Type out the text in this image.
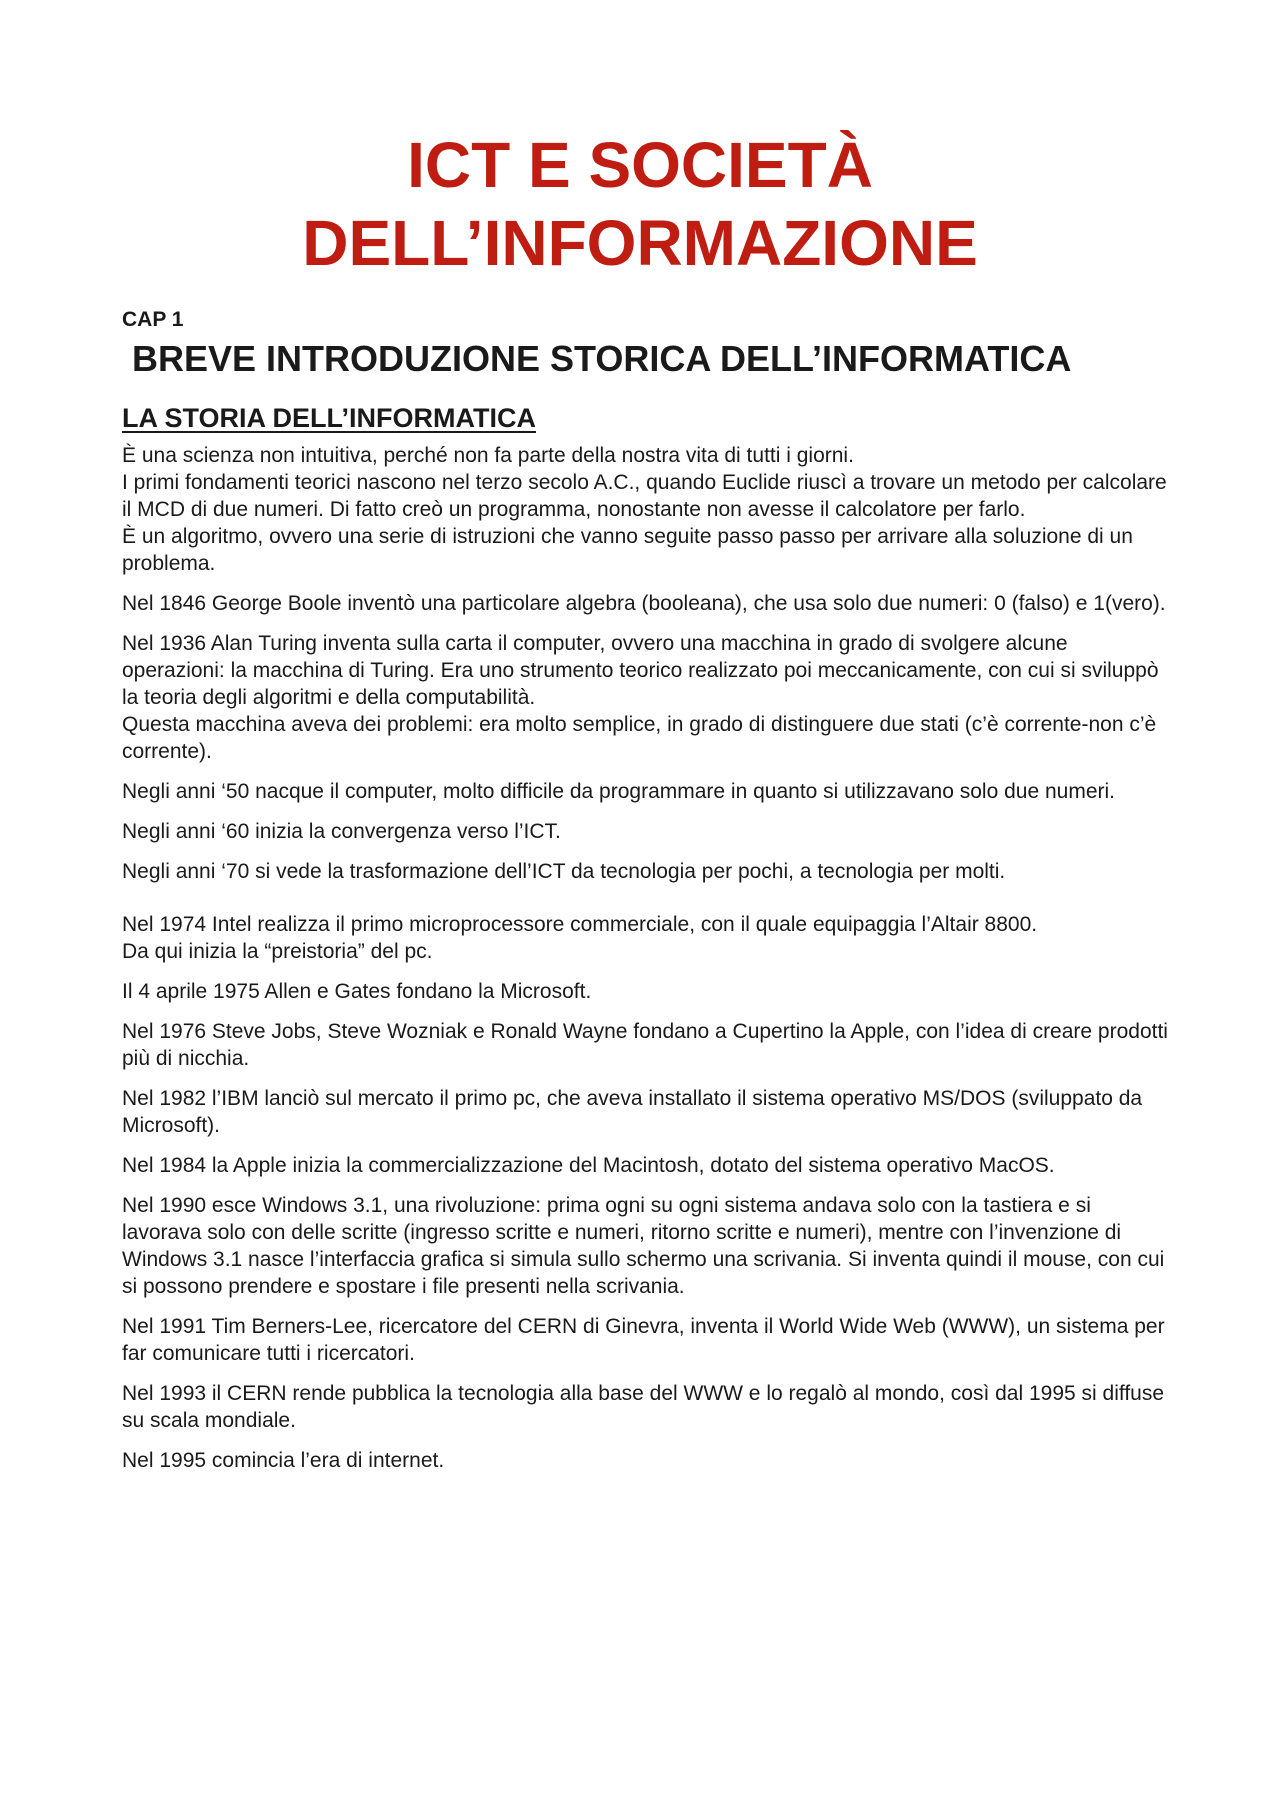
ICT E SOCIETÀ
DELL’INFORMAZIONE

CAP 1

BREVE INTRODUZIONE STORICA DELL’INFORMATICA
LA STORIA DELL’INFORMATICA

È una scienza non intuitiva, perché non fa parte della nostra vita di tutti i giorni.
I primi fondamenti teorici nascono nel terzo secolo A.C., quando Euclide riuscì a trovare un metodo per calcolare il MCD di due numeri. Di fatto creò un programma, nonostante non avesse il calcolatore per farlo.
È un algoritmo, ovvero una serie di istruzioni che vanno seguite passo passo per arrivare alla soluzione di un problema.

Nel 1846 George Boole inventò una particolare algebra (booleana), che usa solo due numeri: 0 (falso) e 1(vero).

Nel 1936 Alan Turing inventa sulla carta il computer, ovvero una macchina in grado di svolgere alcune operazioni: la macchina di Turing. Era uno strumento teorico realizzato poi meccanicamente, con cui si sviluppò la teoria degli algoritmi e della computabilità.
Questa macchina aveva dei problemi: era molto semplice, in grado di distinguere due stati (c’è corrente-non c’è corrente).

Negli anni ‘50 nacque il computer, molto difficile da programmare in quanto si utilizzavano solo due numeri.

Negli anni ‘60 inizia la convergenza verso l’ICT.

Negli anni ‘70 si vede la trasformazione dell’ICT da tecnologia per pochi, a tecnologia per molti.

Nel 1974 Intel realizza il primo microprocessore commerciale, con il quale equipaggia l’Altair 8800.
Da qui inizia la “preistoria” del pc.

Il 4 aprile 1975 Allen e Gates fondano la Microsoft.

Nel 1976 Steve Jobs, Steve Wozniak e Ronald Wayne fondano a Cupertino la Apple, con l’idea di creare prodotti più di nicchia.

Nel 1982 l’IBM lanciò sul mercato il primo pc, che aveva installato il sistema operativo MS/DOS (sviluppato da Microsoft).

Nel 1984 la Apple inizia la commercializzazione del Macintosh, dotato del sistema operativo MacOS.

Nel 1990 esce Windows 3.1, una rivoluzione: prima ogni su ogni sistema andava solo con la tastiera e si lavorava solo con delle scritte (ingresso scritte e numeri, ritorno scritte e numeri), mentre con l’invenzione di Windows 3.1 nasce l’interfaccia grafica si simula sullo schermo una scrivania. Si inventa quindi il mouse, con cui si possono prendere e spostare i file presenti nella scrivania.

Nel 1991 Tim Berners-Lee, ricercatore del CERN di Ginevra, inventa il World Wide Web (WWW), un sistema per far comunicare tutti i ricercatori.

Nel 1993 il CERN rende pubblica la tecnologia alla base del WWW e lo regalò al mondo, così dal 1995 si diffuse su scala mondiale.

Nel 1995 comincia l’era di internet.
